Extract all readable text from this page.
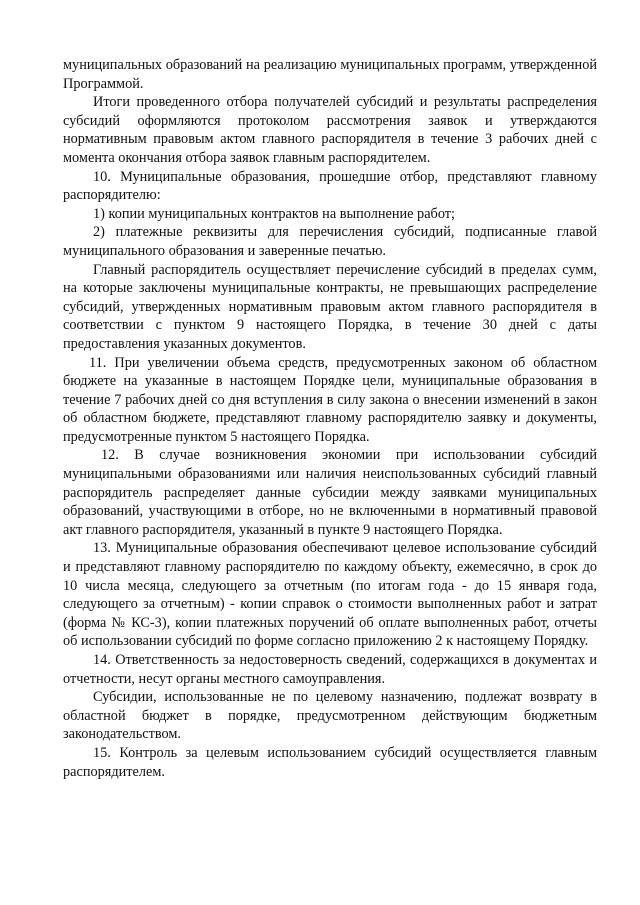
муниципальных образований на реализацию муниципальных программ, утвержденной Программой.

Итоги проведенного отбора получателей субсидий и результаты распределения субсидий оформляются протоколом рассмотрения заявок и утверждаются нормативным правовым актом главного распорядителя в течение 3 рабочих дней с момента окончания отбора заявок главным распорядителем.

10. Муниципальные образования, прошедшие отбор, представляют главному распорядителю:

1) копии муниципальных контрактов на выполнение работ;

2) платежные реквизиты для перечисления субсидий, подписанные главой муниципального образования и заверенные печатью.

Главный распорядитель осуществляет перечисление субсидий в пределах сумм, на которые заключены муниципальные контракты, не превышающих распределение субсидий, утвержденных нормативным правовым актом главного распорядителя в соответствии с пунктом 9 настоящего Порядка, в течение 30 дней с даты предоставления указанных документов.

11. При увеличении объема средств, предусмотренных законом об областном бюджете на указанные в настоящем Порядке цели, муниципальные образования в течение 7 рабочих дней со дня вступления в силу закона о внесении изменений в закон об областном бюджете, представляют главному распорядителю заявку и документы, предусмотренные пунктом 5 настоящего Порядка.

12. В случае возникновения экономии при использовании субсидий муниципальными образованиями или наличия неиспользованных субсидий главный распорядитель распределяет данные субсидии между заявками муниципальных образований, участвующими в отборе, но не включенными в нормативный правовой акт главного распорядителя, указанный в пункте 9 настоящего Порядка.

13. Муниципальные образования обеспечивают целевое использование субсидий и представляют главному распорядителю по каждому объекту, ежемесячно, в срок до 10 числа месяца, следующего за отчетным (по итогам года - до 15 января года, следующего за отчетным) - копии справок о стоимости выполненных работ и затрат (форма № КС-3), копии платежных поручений об оплате выполненных работ, отчеты об использовании субсидий по форме согласно приложению 2 к настоящему Порядку.

14. Ответственность за недостоверность сведений, содержащихся в документах и отчетности, несут органы местного самоуправления.

Субсидии, использованные не по целевому назначению, подлежат возврату в областной бюджет в порядке, предусмотренном действующим бюджетным законодательством.

15. Контроль за целевым использованием субсидий осуществляется главным распорядителем.
